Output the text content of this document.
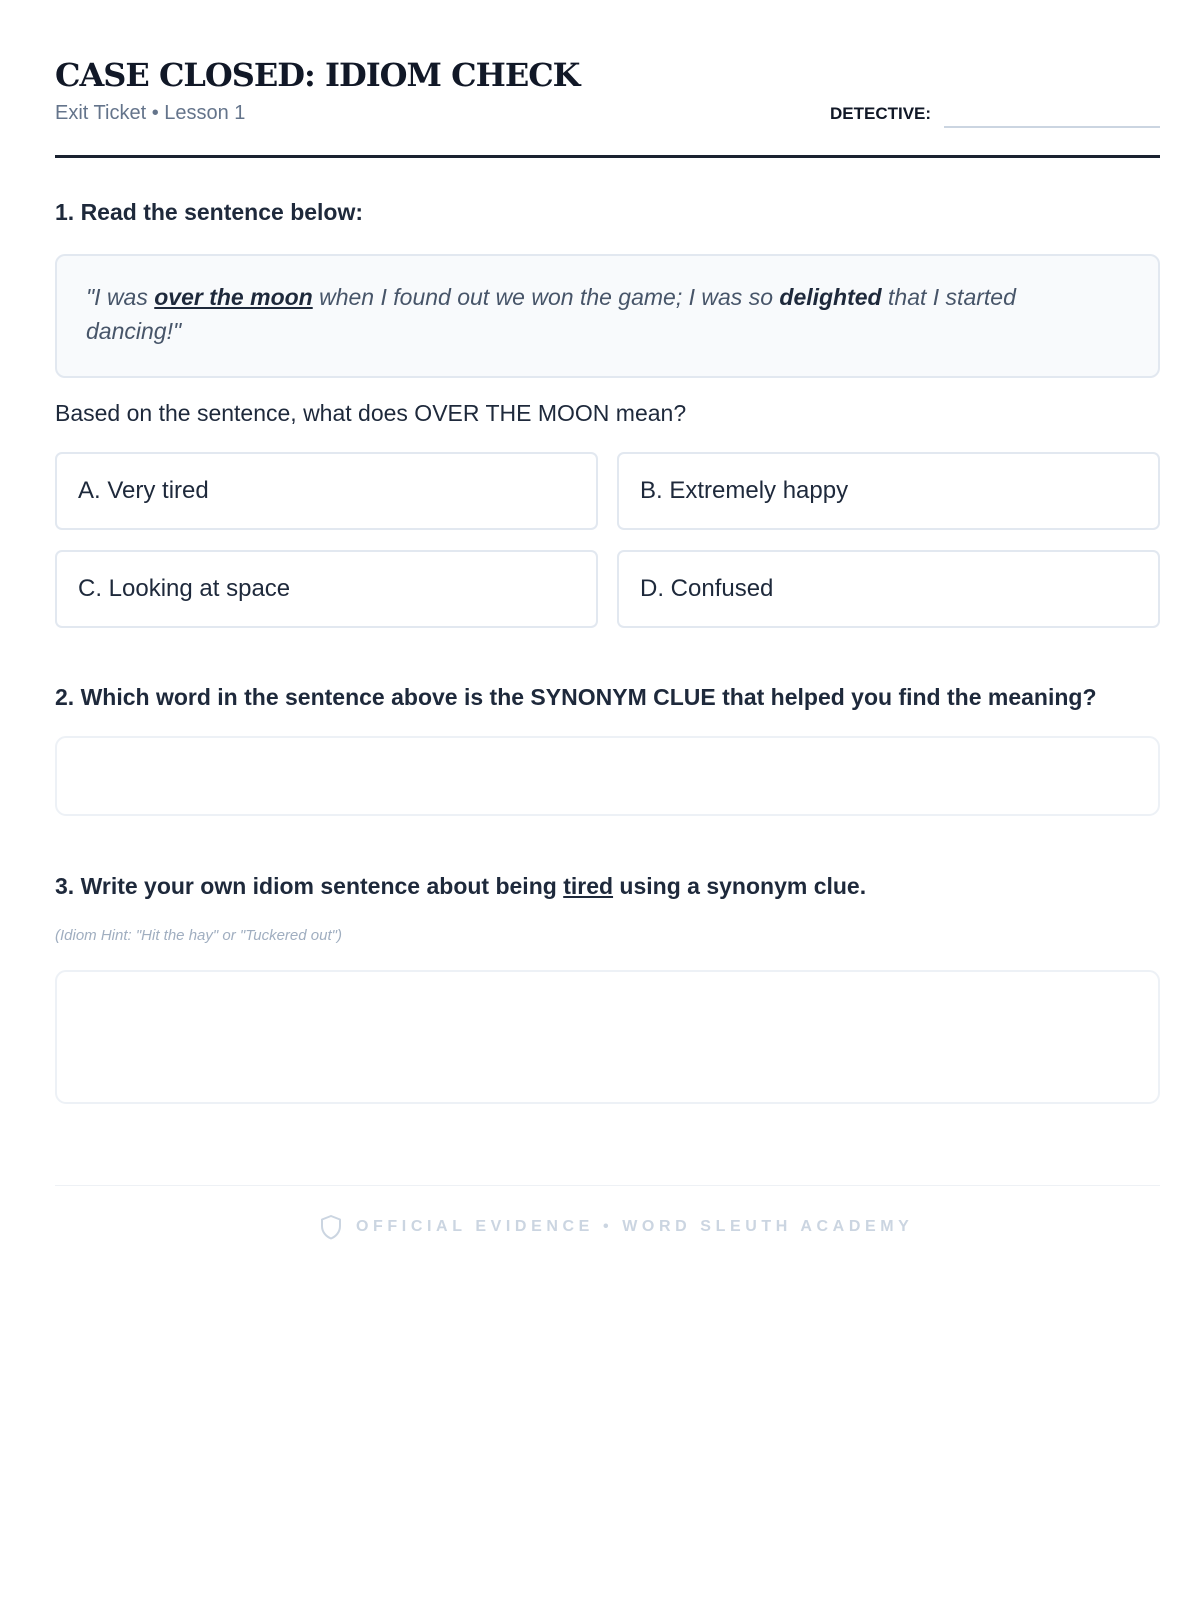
CASE CLOSED: IDIOM CHECK
Exit Ticket • Lesson 1	DETECTIVE:
1. Read the sentence below:
"I was over the moon when I found out we won the game; I was so delighted that I started dancing!"
Based on the sentence, what does OVER THE MOON mean?
A. Very tired	B. Extremely happy
C. Looking at space	D. Confused
2. Which word in the sentence above is the SYNONYM CLUE that helped you find the meaning?
3. Write your own idiom sentence about being tired using a synonym clue.
(Idiom Hint: "Hit the hay" or "Tuckered out")
OFFICIAL EVIDENCE • WORD SLEUTH ACADEMY
